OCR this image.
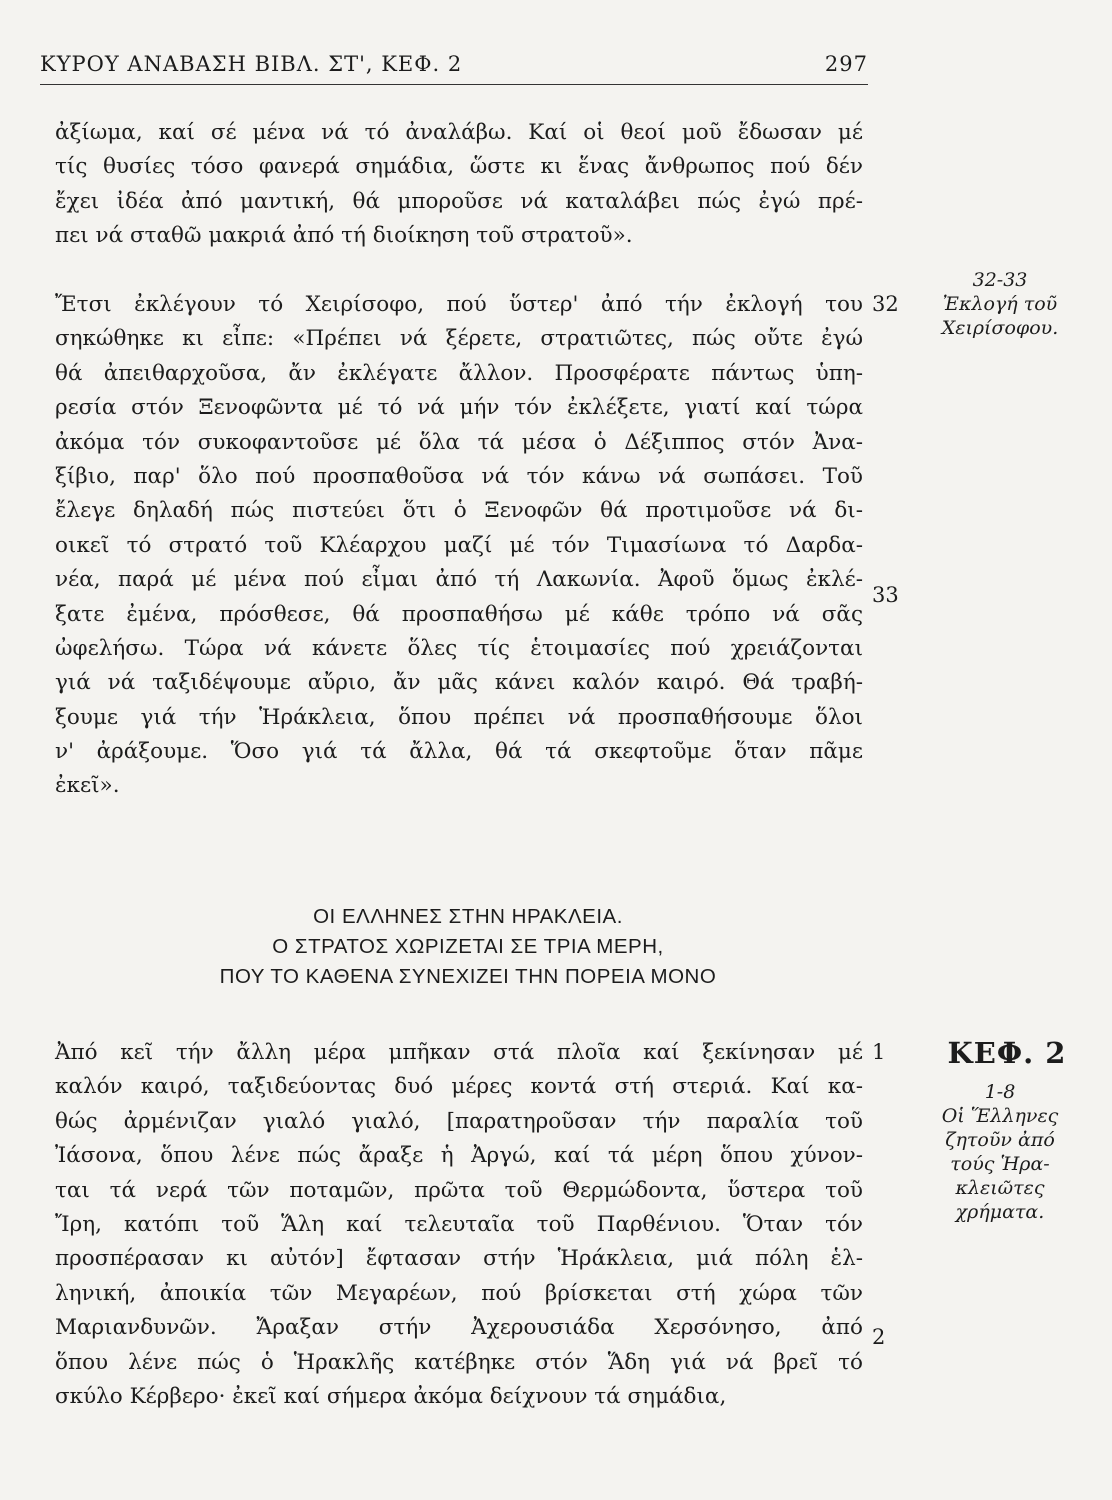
ΚΥΡΟΥ ΑΝΑΒΑΣΗ ΒΙΒΛ. ΣΤ', ΚΕΦ. 2	297
ἀξίωμα, καί σέ μένα νά τό ἀναλάβω. Καί οἱ θεοί μοῦ ἔδωσαν μέ
τίς θυσίες τόσο φανερά σημάδια, ὥστε κι ἕνας ἄνθρωπος πού δέν
ἔχει ἰδέα ἀπό μαντική, θά μποροῦσε νά καταλάβει πώς ἐγώ πρέ-
πει νά σταθῶ μακριά ἀπό τή διοίκηση τοῦ στρατοῦ».
Ἔτσι ἐκλέγουν τό Χειρίσοφο, πού ὕστερ' ἀπό τήν ἐκλογή του
σηκώθηκε κι εἶπε: «Πρέπει νά ξέρετε, στρατιῶτες, πώς οὔτε ἐγώ
θά ἀπειθαρχοῦσα, ἄν ἐκλέγατε ἄλλον. Προσφέρατε πάντως ὑπη-
ρεσία στόν Ξενοφῶντα μέ τό νά μήν τόν ἐκλέξετε, γιατί καί τώρα
ἀκόμα τόν συκοφαντοῦσε μέ ὅλα τά μέσα ὁ Δέξιππος στόν Ἀνα-
ξίβιο, παρ' ὅλο πού προσπαθοῦσα νά τόν κάνω νά σωπάσει. Τοῦ
ἔλεγε δηλαδή πώς πιστεύει ὅτι ὁ Ξενοφῶν θά προτιμοῦσε νά δι-
οικεῖ τό στρατό τοῦ Κλέαρχου μαζί μέ τόν Τιμασίωνα τό Δαρδα-
νέα, παρά μέ μένα πού εἶμαι ἀπό τή Λακωνία. Ἀφοῦ ὅμως ἐκλέ-
ξατε ἐμένα, πρόσθεσε, θά προσπαθήσω μέ κάθε τρόπο νά σᾶς
ὠφελήσω. Τώρα νά κάνετε ὅλες τίς ἑτοιμασίες πού χρειάζονται
γιά νά ταξιδέψουμε αὔριο, ἄν μᾶς κάνει καλόν καιρό. Θά τραβή-
ξουμε γιά τήν Ἡράκλεια, ὅπου πρέπει νά προσπαθήσουμε ὅλοι
ν' ἀράξουμε. Ὅσο γιά τά ἄλλα, θά τά σκεφτοῦμε ὅταν πᾶμε
ἐκεῖ».
ΟΙ ΕΛΛΗΝΕΣ ΣΤΗΝ ΗΡΑΚΛΕΙΑ.
Ο ΣΤΡΑΤΟΣ ΧΩΡΙΖΕΤΑΙ ΣΕ ΤΡΙΑ ΜΕΡΗ,
ΠΟΥ ΤΟ ΚΑΘΕΝΑ ΣΥΝΕΧΙΖΕΙ ΤΗΝ ΠΟΡΕΙΑ ΜΟΝΟ
Ἀπό κεῖ τήν ἄλλη μέρα μπῆκαν στά πλοῖα καί ξεκίνησαν μέ
καλόν καιρό, ταξιδεύοντας δυό μέρες κοντά στή στεριά. Καί κα-
θώς ἀρμένιζαν γιαλό γιαλό, [παρατηροῦσαν τήν παραλία τοῦ
Ἰάσονα, ὅπου λένε πώς ἄραξε ἡ Ἀργώ, καί τά μέρη ὅπου χύνον-
ται τά νερά τῶν ποταμῶν, πρῶτα τοῦ Θερμώδοντα, ὕστερα τοῦ
Ἴρη, κατόπι τοῦ Ἅλη καί τελευταῖα τοῦ Παρθένιου. Ὅταν τόν
προσπέρασαν κι αὐτόν] ἔφτασαν στήν Ἡράκλεια, μιά πόλη ἑλ-
ληνική, ἀποικία τῶν Μεγαρέων, πού βρίσκεται στή χώρα τῶν
Μαριανδυνῶν. Ἄραξαν στήν Ἀχερουσιάδα Χερσόνησο, ἀπό
ὅπου λένε πώς ὁ Ἡρακλῆς κατέβηκε στόν Ἅδη γιά νά βρεῖ τό
σκύλο Κέρβερο· ἐκεῖ καί σήμερα ἀκόμα δείχνουν τά σημάδια,
32-33
Ἐκλογή τοῦ
Χειρίσοφου.
32
33
ΚΕΦ. 2
1
1-8
Οἱ Ἕλληνες
ζητοῦν ἀπό
τούς Ἡρα-
κλειῶτες
χρήματα.
2
